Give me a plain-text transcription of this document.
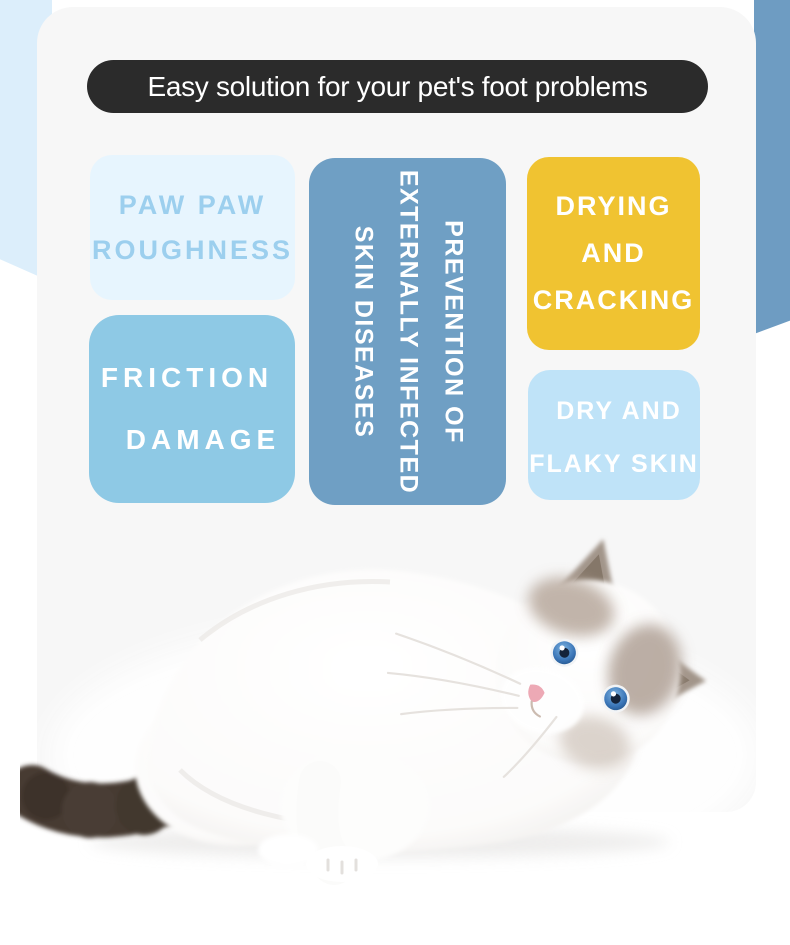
Easy solution for your pet's foot problems
PAW PAW
ROUGHNESS
FRICTION
DAMAGE	PREVENTION OF
EXTERNALLY INFECTED
SKIN DISEASES
DRYING
AND
CRACKING
DRY AND
FLAKY SKIN
